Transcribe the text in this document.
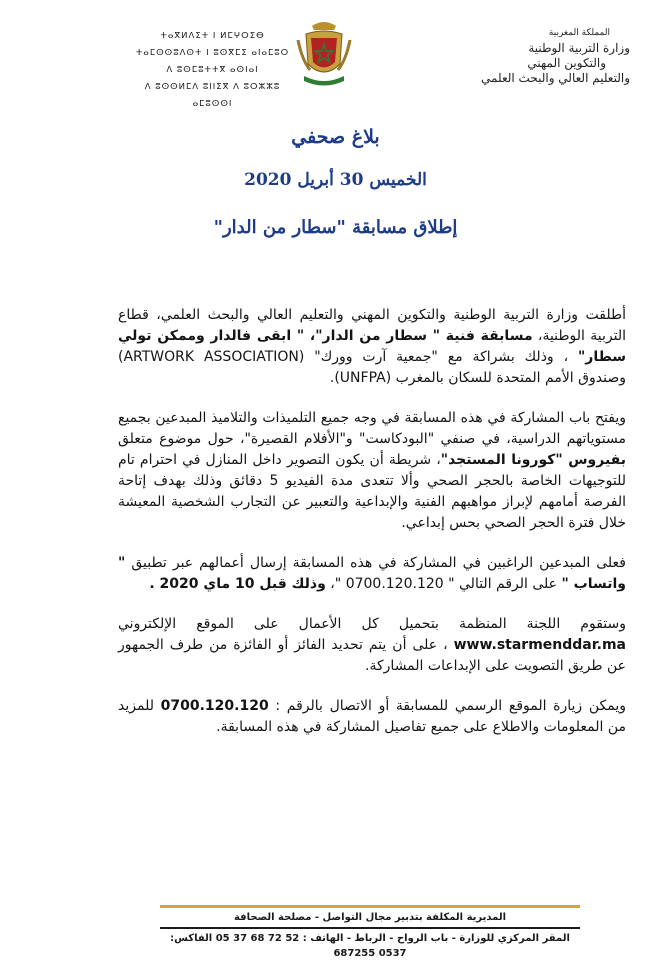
ⵜⴰⴳⵍⴷⵉⵜ ⵏ ⵍⵎⵖⵔⵉⴱ
ⵜⴰⵎⵙⵙⵓⴷⵙⵜ ⵏ ⵓⵙⴳⵎⵉ ⴰⵏⴰⵎⵓⵔ
ⴷ ⵓⵙⵎⵓⵜⵜⴳ ⴰⵙⵏⴰⵏ
ⴷ ⵓⵙⵙⵍⵎⴷ ⵓⵏⵏⵉⴳ ⴷ ⵓⵔⵣⵣⵓ ⴰⵎⵓⵙⵙⵏ
المملكة المغربية
وزارة التربية الوطنية
والتكوين المهني
والتعليم العالي والبحث العلمي
بلاغ صحفي
الخميس 30 أبريل 2020
إطلاق مسابقة "سطار من الدار"

أطلقت وزارة التربية الوطنية والتكوين المهني والتعليم العالي والبحث العلمي، قطاع التربية الوطنية، مسابقة فنية " سطار من الدار"، " ابقى فالدار وممكن تولي سطار" ، وذلك بشراكة مع "جمعية آرت وورك" (ARTWORK ASSOCIATION) وصندوق الأمم المتحدة للسكان بالمغرب (UNFPA).

ويفتح باب المشاركة في هذه المسابقة في وجه جميع التلميذات والتلاميذ المبدعين بجميع مستوياتهم الدراسية، في صنفي "البودكاست" و"الأفلام القصيرة"، حول موضوع متعلق بفيروس "كورونا المستجد"، شريطة أن يكون التصوير داخل المنازل في احترام تام للتوجيهات الخاصة بالحجر الصحي وألا تتعدى مدة الفيديو 5 دقائق وذلك بهدف إتاحة الفرصة أمامهم لإبراز مواهبهم الفنية والإبداعية والتعبير عن التجارب الشخصية المعيشة خلال فترة الحجر الصحي بحس إبداعي.

فعلى المبدعين الراغبين في المشاركة في هذه المسابقة إرسال أعمالهم عبر تطبيق " واتساب " على الرقم التالي " 0700.120.120 "، وذلك قبل 10 ماي 2020 .

وستقوم اللجنة المنظمة بتحميل كل الأعمال على الموقع الإلكتروني www.starmenddar.ma ، على أن يتم تحديد الفائز أو الفائزة من طرف الجمهور عن طريق التصويت على الإبداعات المشاركة.

ويمكن زيارة الموقع الرسمي للمسابقة أو الاتصال بالرقم : 0700.120.120 للمزيد من المعلومات والاطلاع على جميع تفاصيل المشاركة في هذه المسابقة.

المديرية المكلفة بتدبير مجال التواصل - مصلحة الصحافة
المقر المركزي للوزارة - باب الرواح - الرباط - الهاتف : 52 72 68 37 05 الفاكس: 0537 687255
